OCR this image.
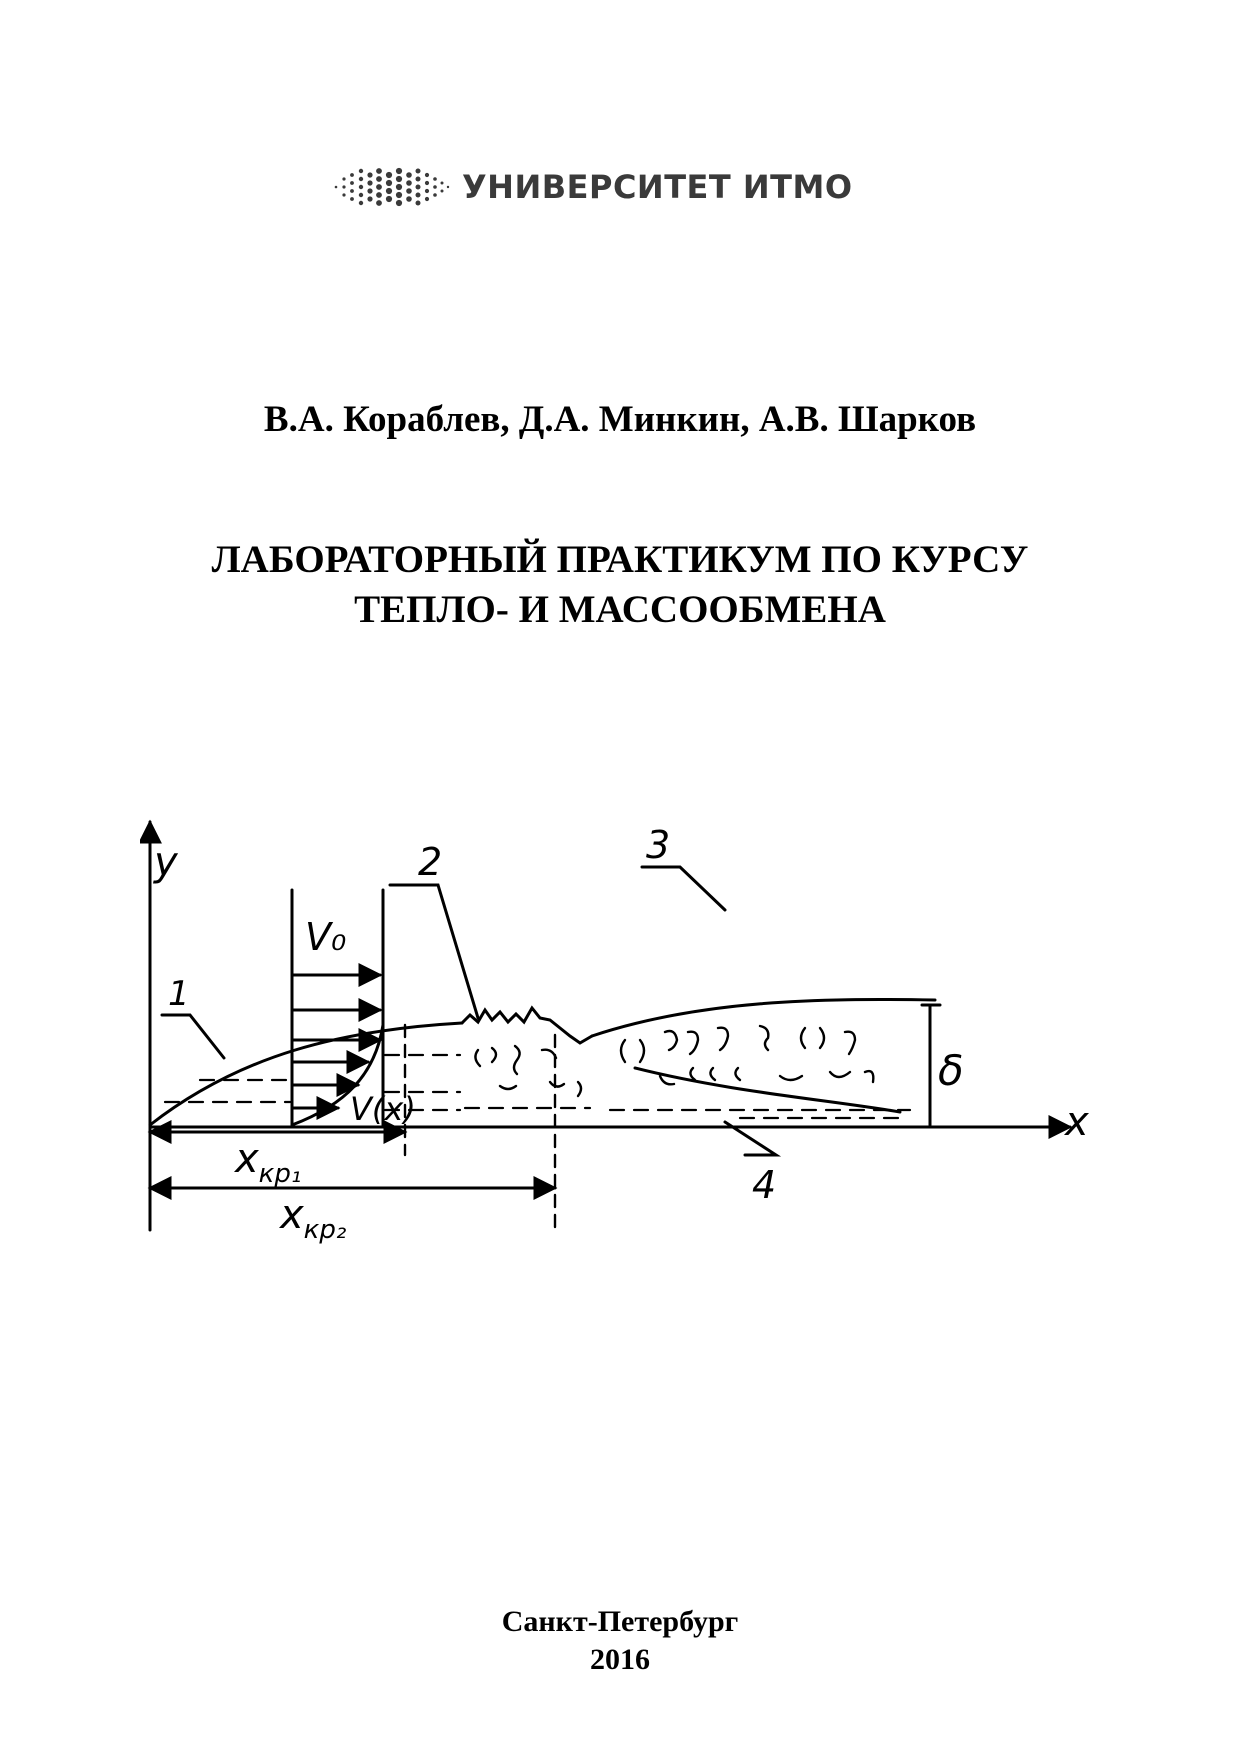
УНИВЕРСИТЕТ ИТМО
В.А. Кораблев, Д.А. Минкин, А.В. Шарков
ЛАБОРАТОРНЫЙ ПРАКТИКУМ ПО КУРСУ
ТЕПЛО- И МАССООБМЕНА
y
x
V₀
V(x)
δ
1
2	3
4
$x_{кр_1}$
$x_{кр_2}$
Санкт-Петербург
2016
